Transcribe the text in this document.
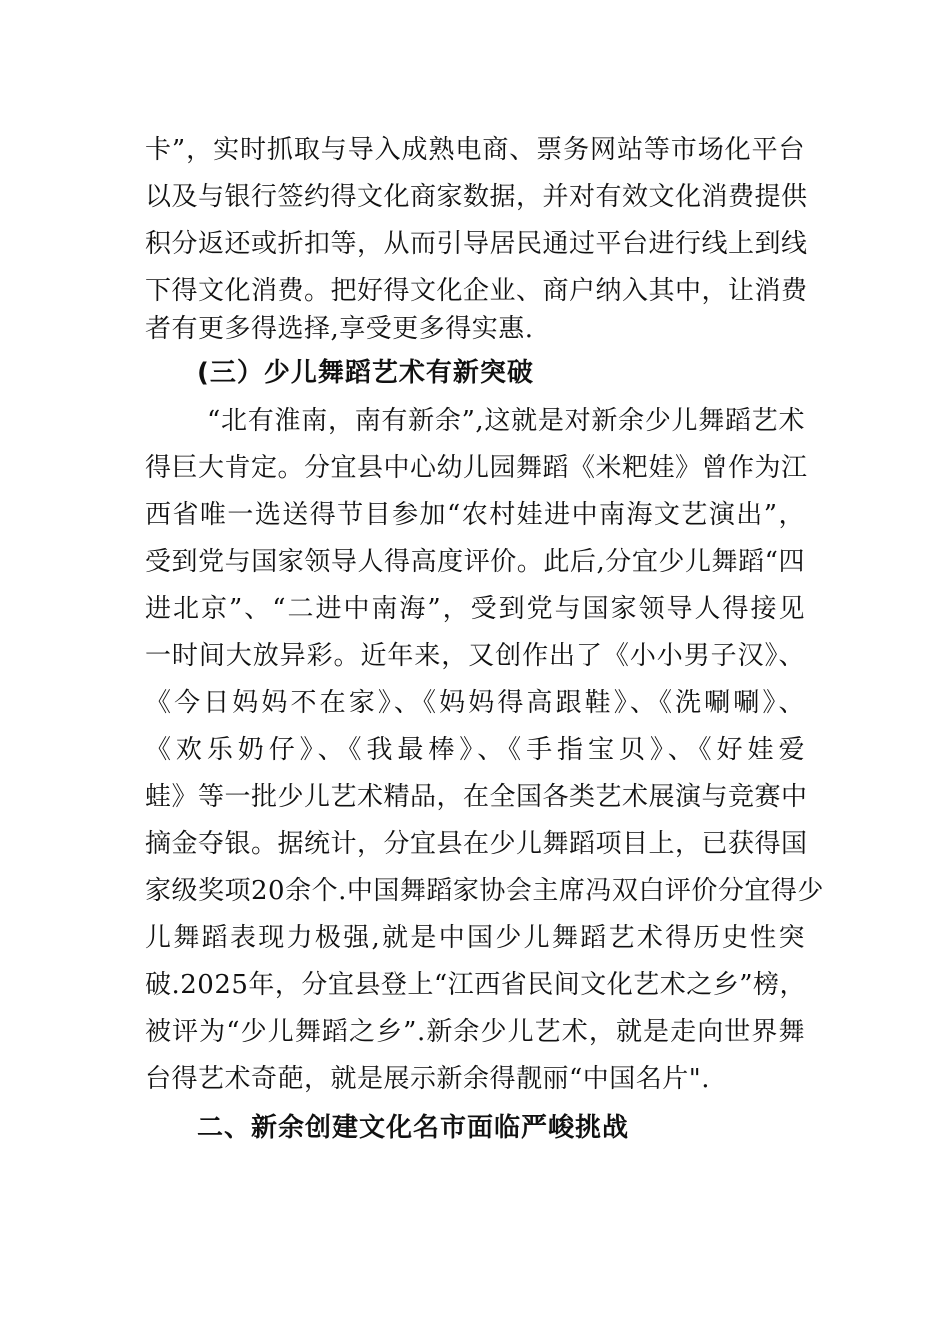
卡”，实时抓取与导入成熟电商、票务网站等市场化平台
以及与银行签约得文化商家数据，并对有效文化消费提供
积分返还或折扣等，从而引导居民通过平台进行线上到线
下得文化消费。把好得文化企业、商户纳入其中，让消费
者有更多得选择,享受更多得实惠.
(三）少儿舞蹈艺术有新突破
“北有淮南，南有新余”,这就是对新余少儿舞蹈艺术
得巨大肯定。分宜县中心幼儿园舞蹈《米粑娃》曾作为江
西省唯一选送得节目参加“农村娃进中南海文艺演出”，
受到党与国家领导人得高度评价。此后,分宜少儿舞蹈“四
进北京”、“二进中南海”，受到党与国家领导人得接见
一时间大放异彩。近年来，又创作出了《小小男子汉》、
《今日妈妈不在家》、《妈妈得高跟鞋》、《洗唰唰》、
《欢乐奶仔》、《我最棒》、《手指宝贝》、《好娃爱
蛙》等一批少儿艺术精品，在全国各类艺术展演与竞赛中
摘金夺银。据统计，分宜县在少儿舞蹈项目上，已获得国
家级奖项20余个.中国舞蹈家协会主席冯双白评价分宜得少
儿舞蹈表现力极强,就是中国少儿舞蹈艺术得历史性突
破.2025年，分宜县登上“江西省民间文化艺术之乡”榜，
被评为“少儿舞蹈之乡”.新余少儿艺术，就是走向世界舞
台得艺术奇葩，就是展示新余得靓丽“中国名片".
二、新余创建文化名市面临严峻挑战
